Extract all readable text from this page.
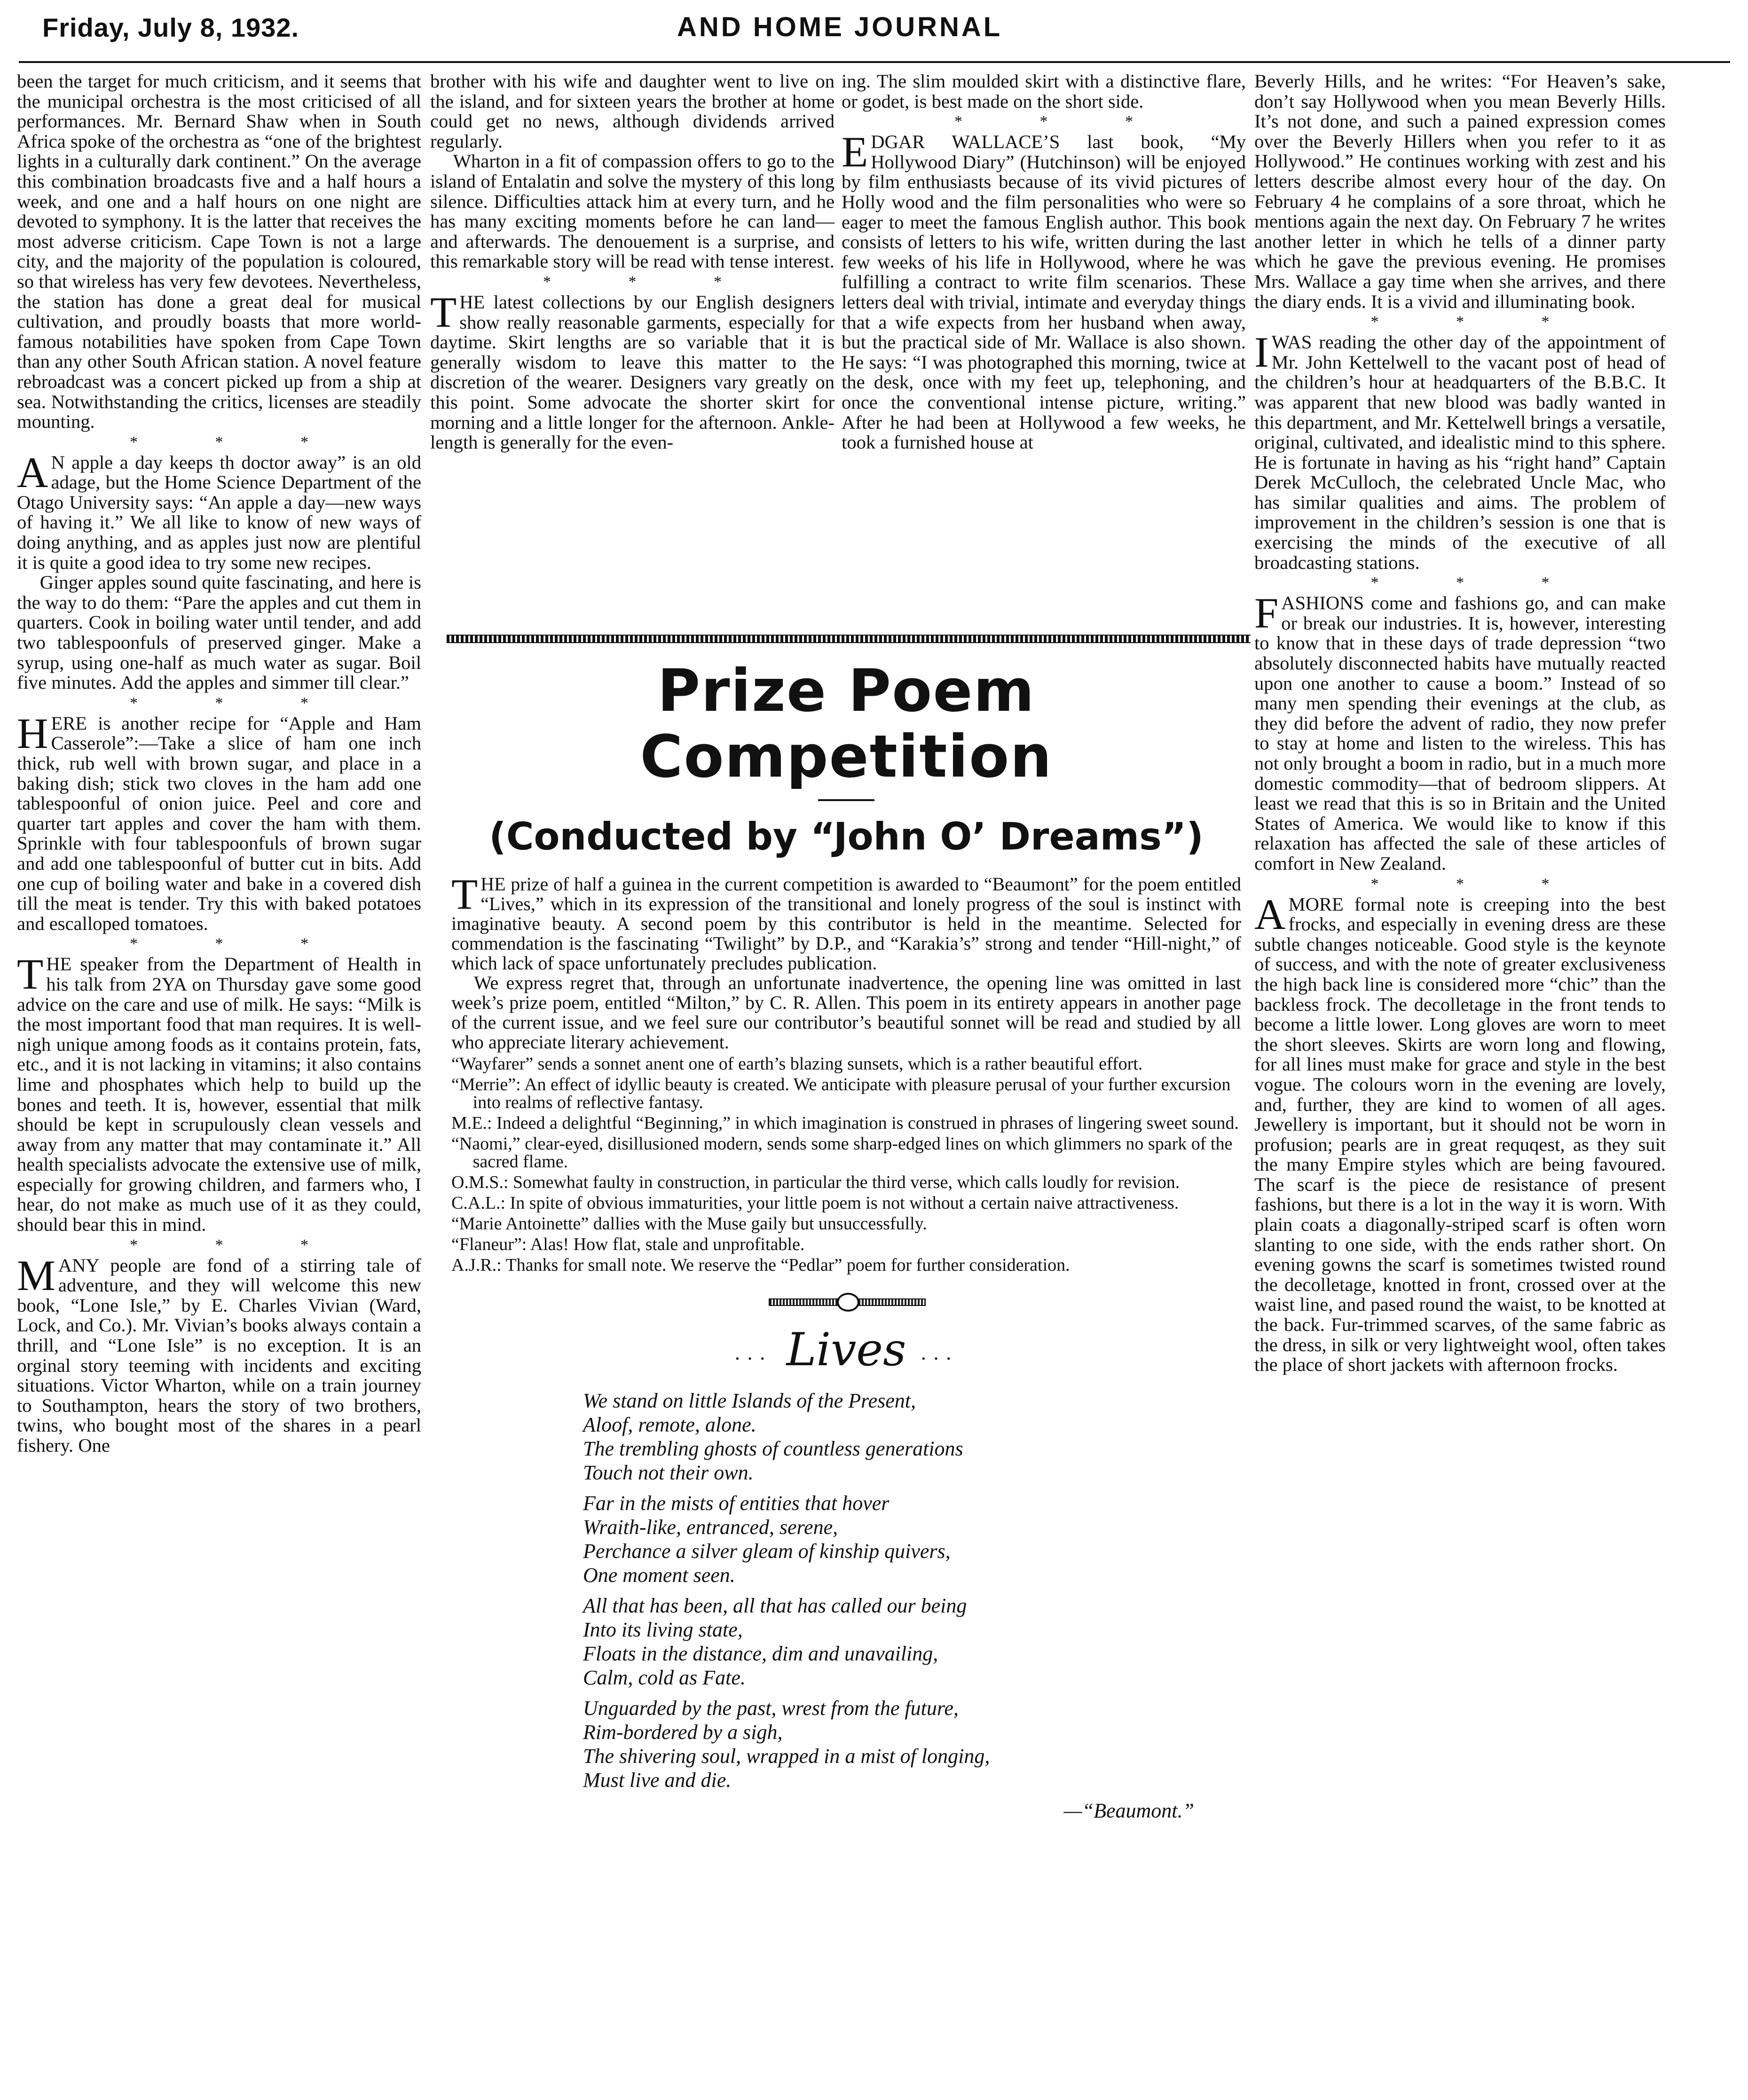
Friday, July 8, 1932.	AND HOME JOURNAL

been the target for much criticism, and it seems that the municipal orchestra is the most criticised of all performances. Mr. Bernard Shaw when in South Africa spoke of the orchestra as “one of the brightest lights in a culturally dark continent.” On the average this combination broadcasts five and a half hours a week, and one and a half hours on one night are devoted to symphony. It is the latter that receives the most adverse criticism. Cape Town is not a large city, and the majority of the population is coloured, so that wireless has very few devotees. Nevertheless, the station has done a great deal for musical cultivation, and proudly boasts that more world-famous notabilities have spoken from Cape Town than any other South African station. A novel feature rebroadcast was a concert picked up from a ship at sea. Notwithstanding the critics, licenses are steadily mounting.

* * *

A N apple a day keeps th doctor away” is an old adage, but the Home Science Department of the Otago University says: “An apple a day—new ways of having it.” We all like to know of new ways of doing anything, and as apples just now are plentiful it is quite a good idea to try some new recipes.

Ginger apples sound quite fascinating, and here is the way to do them: “Pare the apples and cut them in quarters. Cook in boiling water until tender, and add two tablespoonfuls of preserved ginger. Make a syrup, using one-half as much water as sugar. Boil five minutes. Add the apples and simmer till clear.”

* * *

HERE is another recipe for “Apple and Ham Casserole”:—Take a slice of ham one inch thick, rub well with brown sugar, and place in a baking dish; stick two cloves in the ham add one tablespoonful of onion juice. Peel and core and quarter tart apples and cover the ham with them. Sprinkle with four tablespoonfuls of brown sugar and add one tablespoonful of butter cut in bits. Add one cup of boiling water and bake in a covered dish till the meat is tender. Try this with baked potatoes and escalloped tomatoes.

* * *

THE speaker from the Department of Health in his talk from 2YA on Thursday gave some good advice on the care and use of milk. He says: “Milk is the most important food that man requires. It is well-nigh unique among foods as it contains protein, fats, etc., and it is not lacking in vitamins; it also contains lime and phosphates which help to build up the bones and teeth. It is, however, essential that milk should be kept in scrupulously clean vessels and away from any matter that may contaminate it.” All health specialists advocate the extensive use of milk, especially for growing children, and farmers who, I hear, do not make as much use of it as they could, should bear this in mind.

* * *

MANY people are fond of a stirring tale of adventure, and they will welcome this new book, “Lone Isle,” by E. Charles Vivian (Ward, Lock, and Co.). Mr. Vivian’s books always contain a thrill, and “Lone Isle” is no exception. It is an orginal story teeming with incidents and exciting situations. Victor Wharton, while on a train journey to Southampton, hears the story of two brothers, twins, who bought most of the shares in a pearl fishery. One

brother with his wife and daughter went to live on the island, and for sixteen years the brother at home could get no news, although dividends arrived regularly.

Wharton in a fit of compassion offers to go to the island of Entalatin and solve the mystery of this long silence. Difficulties attack him at every turn, and he has many exciting moments before he can land—and afterwards. The denouement is a surprise, and this remarkable story will be read with tense interest.

* * *

THE latest collections by our English designers show really reasonable garments, especially for daytime. Skirt lengths are so variable that it is generally wisdom to leave this matter to the discretion of the wearer. Designers vary greatly on this point. Some advocate the shorter skirt for morning and a little longer for the afternoon. Ankle-length is generally for the even-

ing. The slim moulded skirt with a distinctive flare, or godet, is best made on the short side.

* * *

EDGAR WALLACE’S last book, “My Hollywood Diary” (Hutchinson) will be enjoyed by film enthusiasts because of its vivid pictures of Holly wood and the film personalities who were so eager to meet the famous English author. This book consists of letters to his wife, written during the last few weeks of his life in Hollywood, where he was fulfilling a contract to write film scenarios. These letters deal with trivial, intimate and everyday things that a wife expects from her husband when away, but the practical side of Mr. Wallace is also shown. He says: “I was photographed this morning, twice at the desk, once with my feet up, telephoning, and once the conventional intense picture, writing.” After he had been at Hollywood a few weeks, he took a furnished house at

Beverly Hills, and he writes: “For Heaven’s sake, don’t say Hollywood when you mean Beverly Hills. It’s not done, and such a pained expression comes over the Beverly Hillers when you refer to it as Hollywood.” He continues working with zest and his letters describe almost every hour of the day. On February 4 he complains of a sore throat, which he mentions again the next day. On February 7 he writes another letter in which he tells of a dinner party which he gave the previous evening. He promises Mrs. Wallace a gay time when she arrives, and there the diary ends. It is a vivid and illuminating book.

* * *

IWAS reading the other day of the appointment of Mr. John Kettelwell to the vacant post of head of the children’s hour at headquarters of the B.B.C. It was apparent that new blood was badly wanted in this department, and Mr. Kettelwell brings a versatile, original, cultivated, and idealistic mind to this sphere. He is fortunate in having as his “right hand” Captain Derek McCulloch, the celebrated Uncle Mac, who has similar qualities and aims. The problem of improvement in the children’s session is one that is exercising the minds of the executive of all broadcasting stations.

* * *

FASHIONS come and fashions go, and can make or break our industries. It is, however, interesting to know that in these days of trade depression “two absolutely disconnected habits have mutually reacted upon one another to cause a boom.” Instead of so many men spending their evenings at the club, as they did before the advent of radio, they now prefer to stay at home and listen to the wireless. This has not only brought a boom in radio, but in a much more domestic commodity—that of bedroom slippers. At least we read that this is so in Britain and the United States of America. We would like to know if this relaxation has affected the sale of these articles of comfort in New Zealand.

* * *

AMORE formal note is creeping into the best frocks, and especially in evening dress are these subtle changes noticeable. Good style is the keynote of success, and with the note of greater exclusiveness the high back line is considered more “chic” than the backless frock. The decolletage in the front tends to become a little lower. Long gloves are worn to meet the short sleeves. Skirts are worn long and flowing, for all lines must make for grace and style in the best vogue. The colours worn in the evening are lovely, and, further, they are kind to women of all ages. Jewellery is important, but it should not be worn in profusion; pearls are in great requqest, as they suit the many Empire styles which are being favoured. The scarf is the piece de resistance of present fashions, but there is a lot in the way it is worn. With plain coats a diagonally-striped scarf is often worn slanting to one side, with the ends rather short. On evening gowns the scarf is sometimes twisted round the decolletage, knotted in front, crossed over at the waist line, and pased round the waist, to be knotted at the back. Fur-trimmed scarves, of the same fabric as the dress, in silk or very lightweight wool, often takes the place of short jackets with afternoon frocks.

Prize Poem Competition
(Conducted by “John O’ Dreams”)

THE prize of half a guinea in the current competition is awarded to “Beaumont” for the poem entitled “Lives,” which in its expression of the transitional and lonely progress of the soul is instinct with imaginative beauty. A second poem by this contributor is held in the meantime. Selected for commendation is the fascinating “Twilight” by D.P., and “Karakia’s” strong and tender “Hill-night,” of which lack of space unfortunately precludes publication.

We express regret that, through an unfortunate inadvertence, the opening line was omitted in last week’s prize poem, entitled “Milton,” by C. R. Allen. This poem in its entirety appears in another page of the current issue, and we feel sure our contributor’s beautiful sonnet will be read and studied by all who appreciate literary achievement.

“Wayfarer” sends a sonnet anent one of earth’s blazing sunsets, which is a rather beautiful effort.

“Merrie”: An effect of idyllic beauty is created. We anticipate with pleasure perusal of your further excursion into realms of reflective fantasy.

M.E.: Indeed a delightful “Beginning,” in which imagination is construed in phrases of lingering sweet sound.

“Naomi,” clear-eyed, disillusioned modern, sends some sharp-edged lines on which glimmers no spark of the sacred flame.

O.M.S.: Somewhat faulty in construction, in particular the third verse, which calls loudly for revision.

C.A.L.: In spite of obvious immaturities, your little poem is not without a certain naive attractiveness.

“Marie Antoinette” dallies with the Muse gaily but unsuccessfully.

“Flaneur”: Alas! How flat, stale and unprofitable.

A.J.R.: Thanks for small note. We reserve the “Pedlar” poem for further consideration.

... Lives ...
We stand on little Islands of the Present,
Aloof, remote, alone.
The trembling ghosts of countless generations
Touch not their own.
Far in the mists of entities that hover
Wraith-like, entranced, serene,
Perchance a silver gleam of kinship quivers,
One moment seen.
All that has been, all that has called our being
Into its living state,
Floats in the distance, dim and unavailing,
Calm, cold as Fate.
Unguarded by the past, wrest from the future,
Rim-bordered by a sigh,
The shivering soul, wrapped in a mist of longing,
Must live and die.
—“Beaumont.”
